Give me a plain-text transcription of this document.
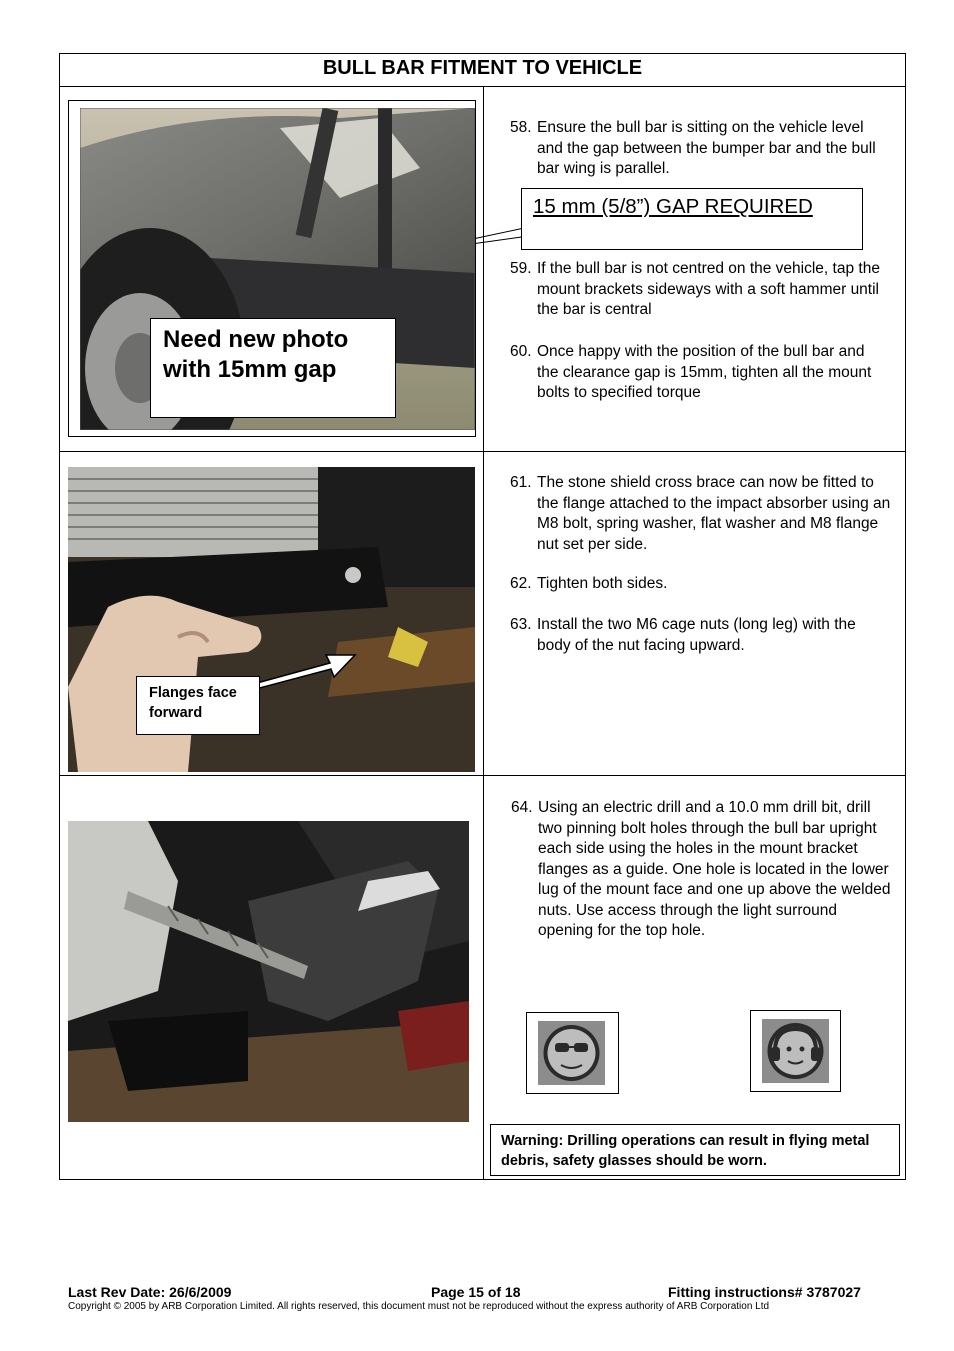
BULL BAR FITMENT TO VEHICLE
Need new photo
with 15mm gap
58. Ensure the bull bar is sitting on the vehicle level and the gap between the bumper bar and the bull bar wing is parallel.
15 mm (5/8”) GAP REQUIRED
59. If the bull bar is not centred on the vehicle, tap the mount brackets sideways with a soft hammer until the bar is central
60. Once happy with the position of the bull bar and the clearance gap is 15mm, tighten all the mount bolts to specified torque
Flanges face forward
61. The stone shield cross brace can now be fitted to the flange attached to the impact absorber using an M8 bolt, spring washer, flat washer and M8 flange nut set per side.
62. Tighten both sides.
63. Install the two M6 cage nuts (long leg) with the body of the nut facing upward.
64. Using an electric drill and a 10.0 mm drill bit, drill two pinning bolt holes through the bull bar upright each side using the holes in the mount bracket flanges as a guide. One hole is located in the lower lug of the mount face and one up above the welded nuts. Use access through the light surround opening for the top hole.
Warning: Drilling operations can result in flying metal debris, safety glasses should be worn.
Last Rev Date: 26/6/2009	Page 15 of 18	Fitting instructions# 3787027
Copyright © 2005 by ARB Corporation Limited. All rights reserved, this document must not be reproduced without the express authority of ARB Corporation Ltd
